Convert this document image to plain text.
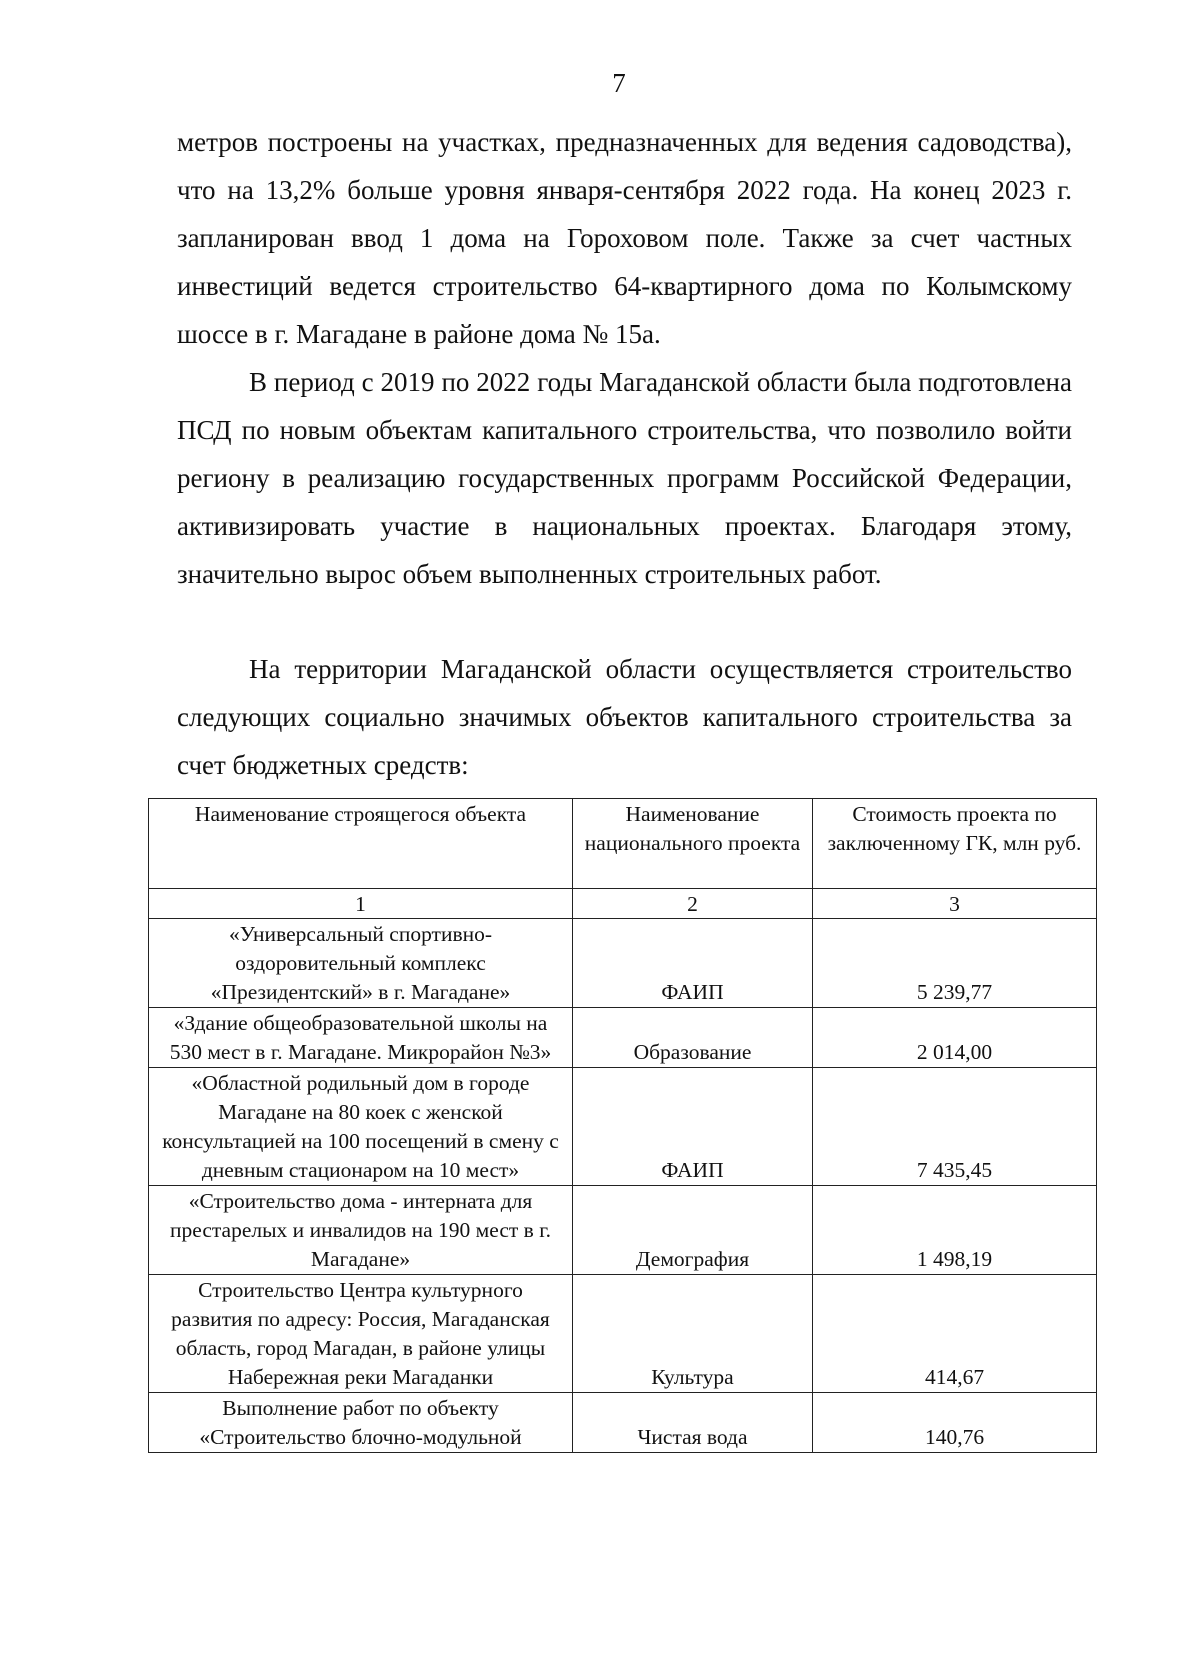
7

метров построены на участках, предназначенных для ведения садоводства), что на 13,2% больше уровня января-сентября 2022 года. На конец 2023 г. запланирован ввод 1 дома на Гороховом поле. Также за счет частных инвестиций ведется строительство 64-квартирного дома по Колымскому шоссе в г. Магадане в районе дома № 15а.

В период с 2019 по 2022 годы Магаданской области была подготовлена ПСД по новым объектам капитального строительства, что позволило войти региону в реализацию государственных программ Российской Федерации, активизировать участие в национальных проектах. Благодаря этому, значительно вырос объем выполненных строительных работ.

На территории Магаданской области осуществляется строительство следующих социально значимых объектов капитального строительства за счет бюджетных средств:

Наименование строящегося объекта	Наименование национального проекта	Стоимость проекта по заключенному ГК, млн руб.
1	2	3
«Универсальный спортивно-оздоровительный комплекс «Президентский» в г. Магадане»	ФАИП	5 239,77
«Здание общеобразовательной школы на 530 мест в г. Магадане. Микрорайон №3»	Образование	2 014,00
«Областной родильный дом в городе Магадане на 80 коек с женской консультацией на 100 посещений в смену с дневным стационаром на 10 мест»	ФАИП	7 435,45
«Строительство дома - интерната для престарелых и инвалидов на 190 мест в г. Магадане»	Демография	1 498,19
Строительство Центра культурного развития по адресу: Россия, Магаданская область, город Магадан, в районе улицы Набережная реки Магаданки	Культура	414,67
Выполнение работ по объекту «Строительство блочно-модульной	Чистая вода	140,76
